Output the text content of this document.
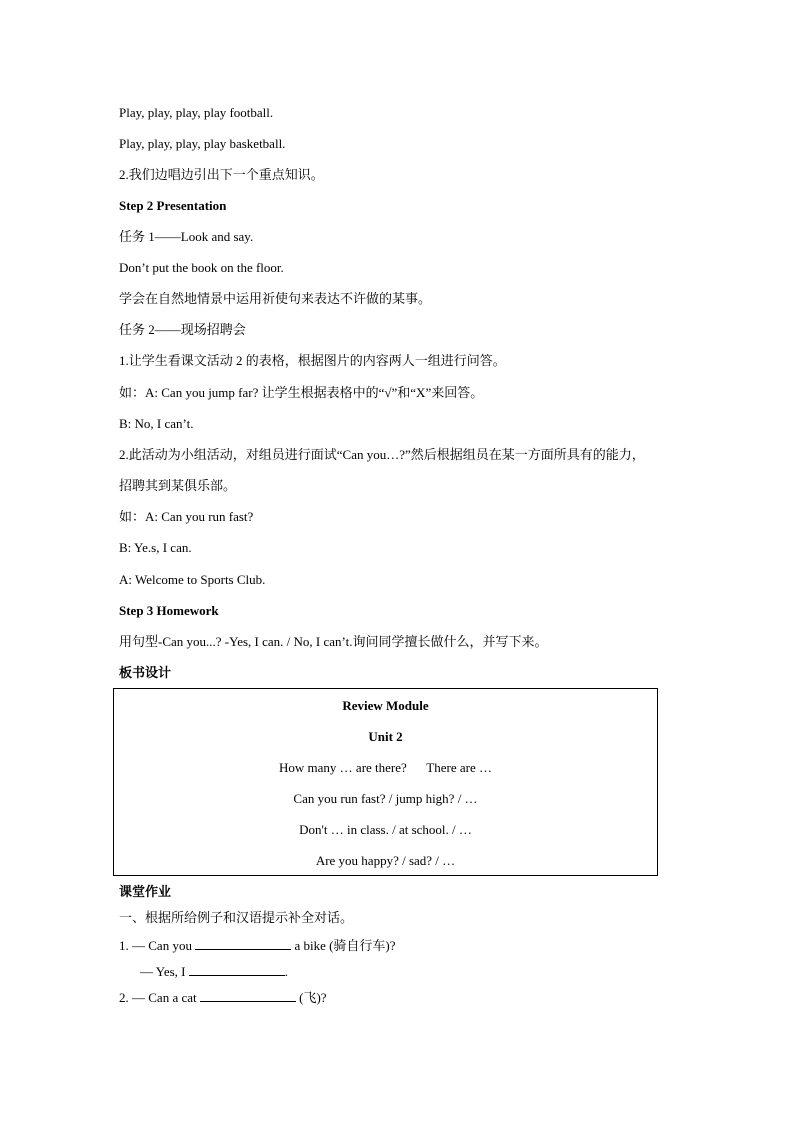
Play, play, play, play football.
Play, play, play, play basketball.
2.我们边唱边引出下一个重点知识。
Step 2 Presentation
任务 1——Look and say.
Don’t put the book on the floor.
学会在自然地情景中运用祈使句来表达不许做的某事。
任务 2——现场招聘会
1.让学生看课文活动 2 的表格，根据图片的内容两人一组进行问答。
如：A: Can you jump far? 让学生根据表格中的“√”和“X”来回答。
B: No, I can’t.
2.此活动为小组活动，对组员进行面试“Can you…?”然后根据组员在某一方面所具有的能力，
招聘其到某俱乐部。
如：A: Can you run fast?
B: Ye.s, I can.
A: Welcome to Sports Club.
Step 3 Homework
用句型-Can you...? -Yes, I can. / No, I can’t.询问同学擅长做什么，并写下来。
板书设计
Review Module
Unit 2
How many … are there? There are …
Can you run fast? / jump high? / …
Don't … in class. / at school. / …
Are you happy? / sad? / …
课堂作业
一、根据所给例子和汉语提示补全对话。
1. — Can you	a bike (骑自行车)?
— Yes, I	.
2. — Can a cat	(飞)?
